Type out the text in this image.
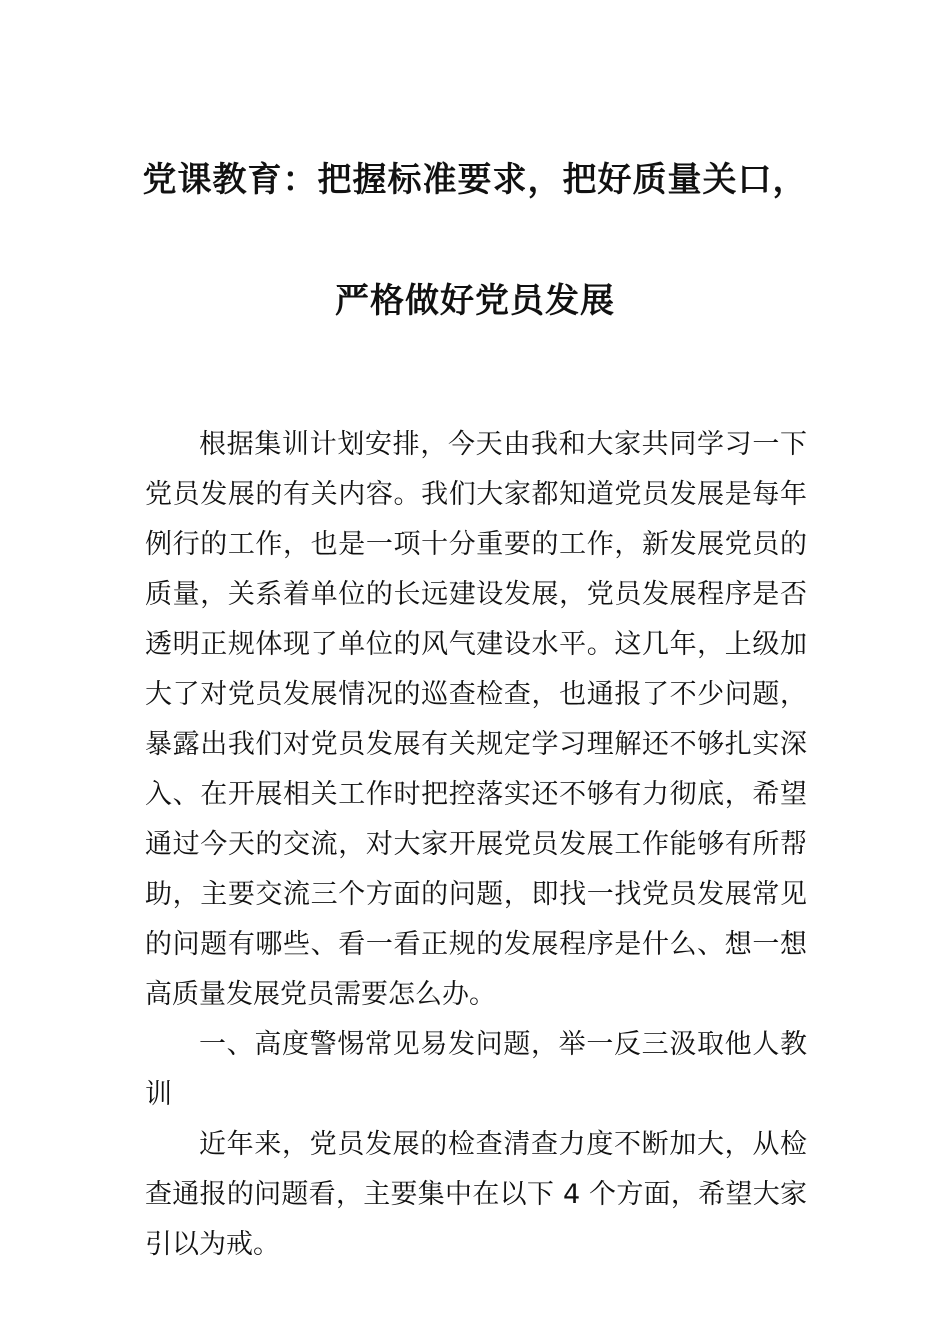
党课教育：把握标准要求，把好质量关口，
严格做好党员发展

根据集训计划安排，今天由我和大家共同学习一下党员发展的有关内容。我们大家都知道党员发展是每年例行的工作，也是一项十分重要的工作，新发展党员的质量，关系着单位的长远建设发展，党员发展程序是否透明正规体现了单位的风气建设水平。这几年，上级加大了对党员发展情况的巡查检查，也通报了不少问题，暴露出我们对党员发展有关规定学习理解还不够扎实深入、在开展相关工作时把控落实还不够有力彻底，希望通过今天的交流，对大家开展党员发展工作能够有所帮助，主要交流三个方面的问题，即找一找党员发展常见的问题有哪些、看一看正规的发展程序是什么、想一想高质量发展党员需要怎么办。

一、高度警惕常见易发问题，举一反三汲取他人教训

近年来，党员发展的检查清查力度不断加大，从检查通报的问题看，主要集中在以下 4 个方面，希望大家引以为戒。
